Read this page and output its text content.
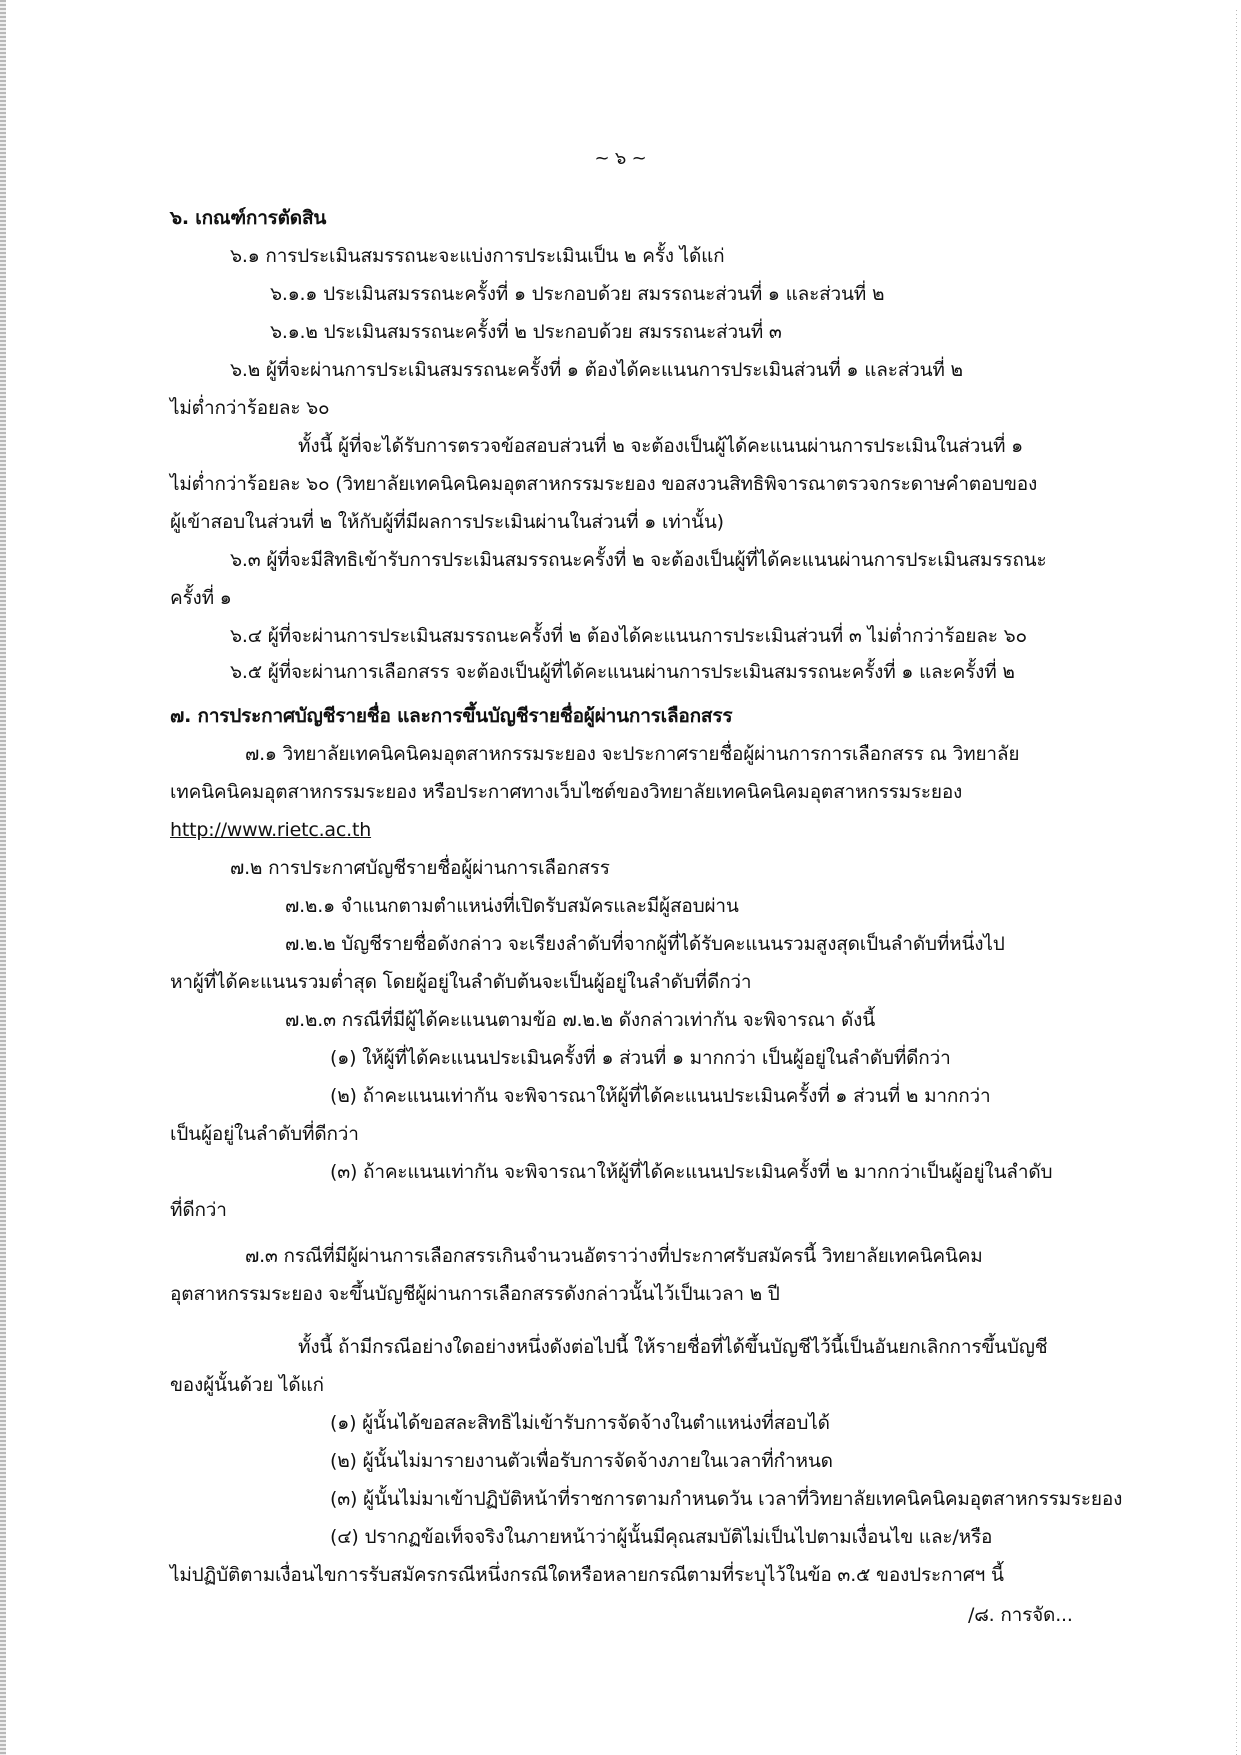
~ ๖ ~
๖. เกณฑ์การตัดสิน
๖.๑ การประเมินสมรรถนะจะแบ่งการประเมินเป็น ๒ ครั้ง ได้แก่
๖.๑.๑ ประเมินสมรรถนะครั้งที่ ๑ ประกอบด้วย สมรรถนะส่วนที่ ๑ และส่วนที่ ๒
๖.๑.๒ ประเมินสมรรถนะครั้งที่ ๒ ประกอบด้วย สมรรถนะส่วนที่ ๓
๖.๒ ผู้ที่จะผ่านการประเมินสมรรถนะครั้งที่ ๑ ต้องได้คะแนนการประเมินส่วนที่ ๑ และส่วนที่ ๒
ไม่ต่ำกว่าร้อยละ ๖๐
ทั้งนี้ ผู้ที่จะได้รับการตรวจข้อสอบส่วนที่ ๒ จะต้องเป็นผู้ได้คะแนนผ่านการประเมินในส่วนที่ ๑
ไม่ต่ำกว่าร้อยละ ๖๐ (วิทยาลัยเทคนิคนิคมอุตสาหกรรมระยอง ขอสงวนสิทธิพิจารณาตรวจกระดาษคำตอบของ
ผู้เข้าสอบในส่วนที่ ๒ ให้กับผู้ที่มีผลการประเมินผ่านในส่วนที่ ๑ เท่านั้น)
๖.๓ ผู้ที่จะมีสิทธิเข้ารับการประเมินสมรรถนะครั้งที่ ๒ จะต้องเป็นผู้ที่ได้คะแนนผ่านการประเมินสมรรถนะ
ครั้งที่ ๑
๖.๔ ผู้ที่จะผ่านการประเมินสมรรถนะครั้งที่ ๒ ต้องได้คะแนนการประเมินส่วนที่ ๓ ไม่ต่ำกว่าร้อยละ ๖๐
๖.๕ ผู้ที่จะผ่านการเลือกสรร จะต้องเป็นผู้ที่ได้คะแนนผ่านการประเมินสมรรถนะครั้งที่ ๑ และครั้งที่ ๒
๗. การประกาศบัญชีรายชื่อ และการขึ้นบัญชีรายชื่อผู้ผ่านการเลือกสรร
๗.๑ วิทยาลัยเทคนิคนิคมอุตสาหกรรมระยอง จะประกาศรายชื่อผู้ผ่านการการเลือกสรร ณ วิทยาลัย
เทคนิคนิคมอุตสาหกรรมระยอง หรือประกาศทางเว็บไซต์ของวิทยาลัยเทคนิคนิคมอุตสาหกรรมระยอง
http://www.rietc.ac.th
๗.๒ การประกาศบัญชีรายชื่อผู้ผ่านการเลือกสรร
๗.๒.๑ จำแนกตามตำแหน่งที่เปิดรับสมัครและมีผู้สอบผ่าน
๗.๒.๒ บัญชีรายชื่อดังกล่าว จะเรียงลำดับที่จากผู้ที่ได้รับคะแนนรวมสูงสุดเป็นลำดับที่หนึ่งไป
หาผู้ที่ได้คะแนนรวมต่ำสุด โดยผู้อยู่ในลำดับต้นจะเป็นผู้อยู่ในลำดับที่ดีกว่า
๗.๒.๓ กรณีที่มีผู้ได้คะแนนตามข้อ ๗.๒.๒ ดังกล่าวเท่ากัน จะพิจารณา ดังนี้
(๑) ให้ผู้ที่ได้คะแนนประเมินครั้งที่ ๑ ส่วนที่ ๑ มากกว่า เป็นผู้อยู่ในลำดับที่ดีกว่า
(๒) ถ้าคะแนนเท่ากัน จะพิจารณาให้ผู้ที่ได้คะแนนประเมินครั้งที่ ๑ ส่วนที่ ๒ มากกว่า
เป็นผู้อยู่ในลำดับที่ดีกว่า
(๓) ถ้าคะแนนเท่ากัน จะพิจารณาให้ผู้ที่ได้คะแนนประเมินครั้งที่ ๒ มากกว่าเป็นผู้อยู่ในลำดับ
ที่ดีกว่า
๗.๓ กรณีที่มีผู้ผ่านการเลือกสรรเกินจำนวนอัตราว่างที่ประกาศรับสมัครนี้ วิทยาลัยเทคนิคนิคม
อุตสาหกรรมระยอง จะขึ้นบัญชีผู้ผ่านการเลือกสรรดังกล่าวนั้นไว้เป็นเวลา ๒ ปี
ทั้งนี้ ถ้ามีกรณีอย่างใดอย่างหนึ่งดังต่อไปนี้ ให้รายชื่อที่ได้ขึ้นบัญชีไว้นี้เป็นอันยกเลิกการขึ้นบัญชี
ของผู้นั้นด้วย ได้แก่
(๑) ผู้นั้นได้ขอสละสิทธิไม่เข้ารับการจัดจ้างในตำแหน่งที่สอบได้
(๒) ผู้นั้นไม่มารายงานตัวเพื่อรับการจัดจ้างภายในเวลาที่กำหนด
(๓) ผู้นั้นไม่มาเข้าปฏิบัติหน้าที่ราชการตามกำหนดวัน เวลาที่วิทยาลัยเทคนิคนิคมอุตสาหกรรมระยอง
(๔) ปรากฏข้อเท็จจริงในภายหน้าว่าผู้นั้นมีคุณสมบัติไม่เป็นไปตามเงื่อนไข และ/หรือ
ไม่ปฏิบัติตามเงื่อนไขการรับสมัครกรณีหนึ่งกรณีใดหรือหลายกรณีตามที่ระบุไว้ในข้อ ๓.๕ ของประกาศฯ นี้
/๘. การจัด...
